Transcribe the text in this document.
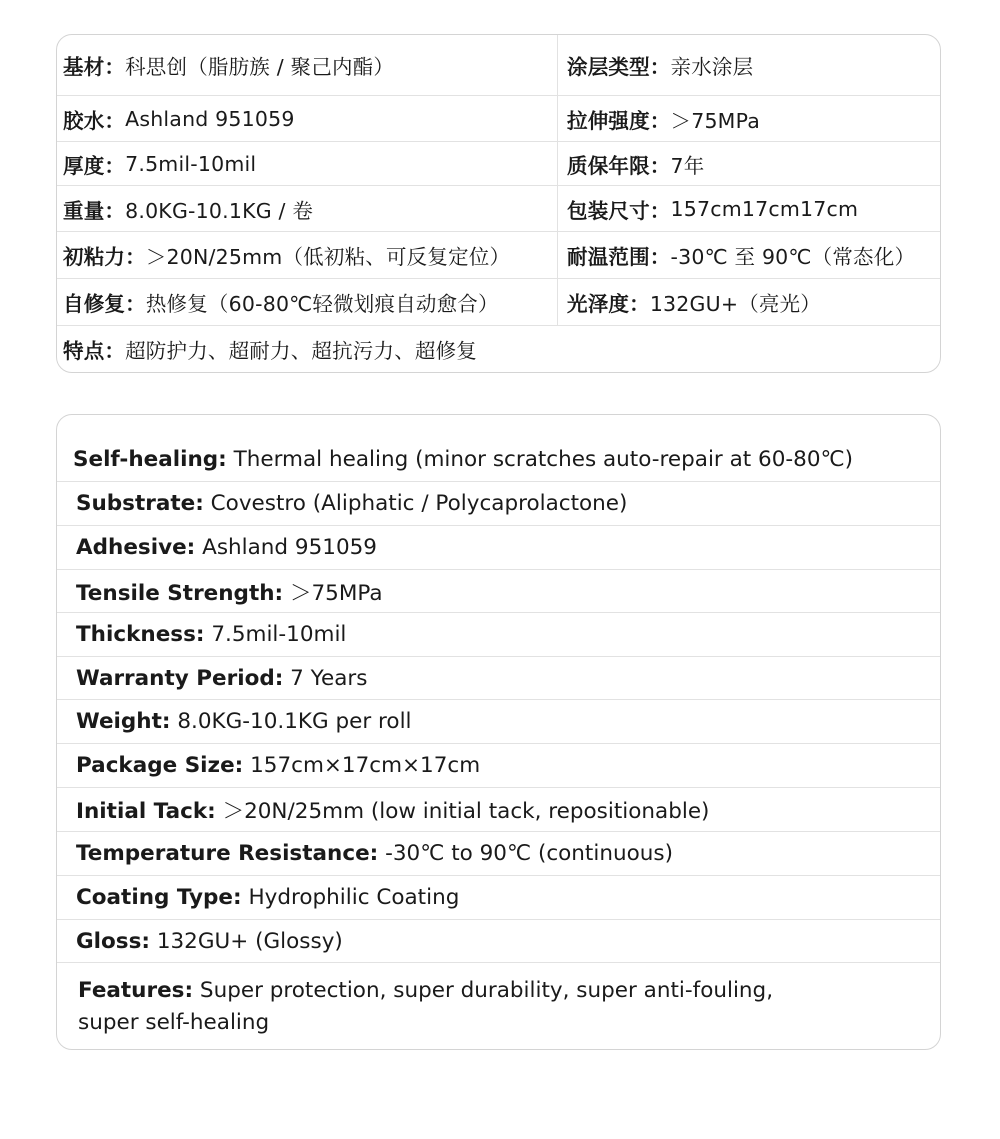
基材： 科思创（脂肪族 / 聚己内酯）	涂层类型： 亲水涂层
胶水： Ashland 951059	拉伸强度： ＞75MPa
厚度： 7.5mil-10mil	质保年限： 7年
重量： 8.0KG-10.1KG / 卷	包装尺寸： 157cm17cm17cm
初粘力： ＞20N/25mm（低初粘、可反复定位）	耐温范围： -30℃ 至 90℃（常态化）
自修复： 热修复（60-80℃轻微划痕自动愈合）	光泽度： 132GU+（亮光）
特点： 超防护力、超耐力、超抗污力、超修复
Self-healing: Thermal healing (minor scratches auto-repair at 60-80℃)
Substrate: Covestro (Aliphatic / Polycaprolactone)
Adhesive: Ashland 951059
Tensile Strength: ＞75MPa
Thickness: 7.5mil-10mil
Warranty Period: 7 Years
Weight: 8.0KG-10.1KG per roll
Package Size: 157cm×17cm×17cm
Initial Tack: ＞20N/25mm (low initial tack, repositionable)
Temperature Resistance: -30℃ to 90℃ (continuous)
Coating Type: Hydrophilic Coating
Gloss: 132GU+ (Glossy)
Features: Super protection, super durability, super anti-fouling, super self-healing
